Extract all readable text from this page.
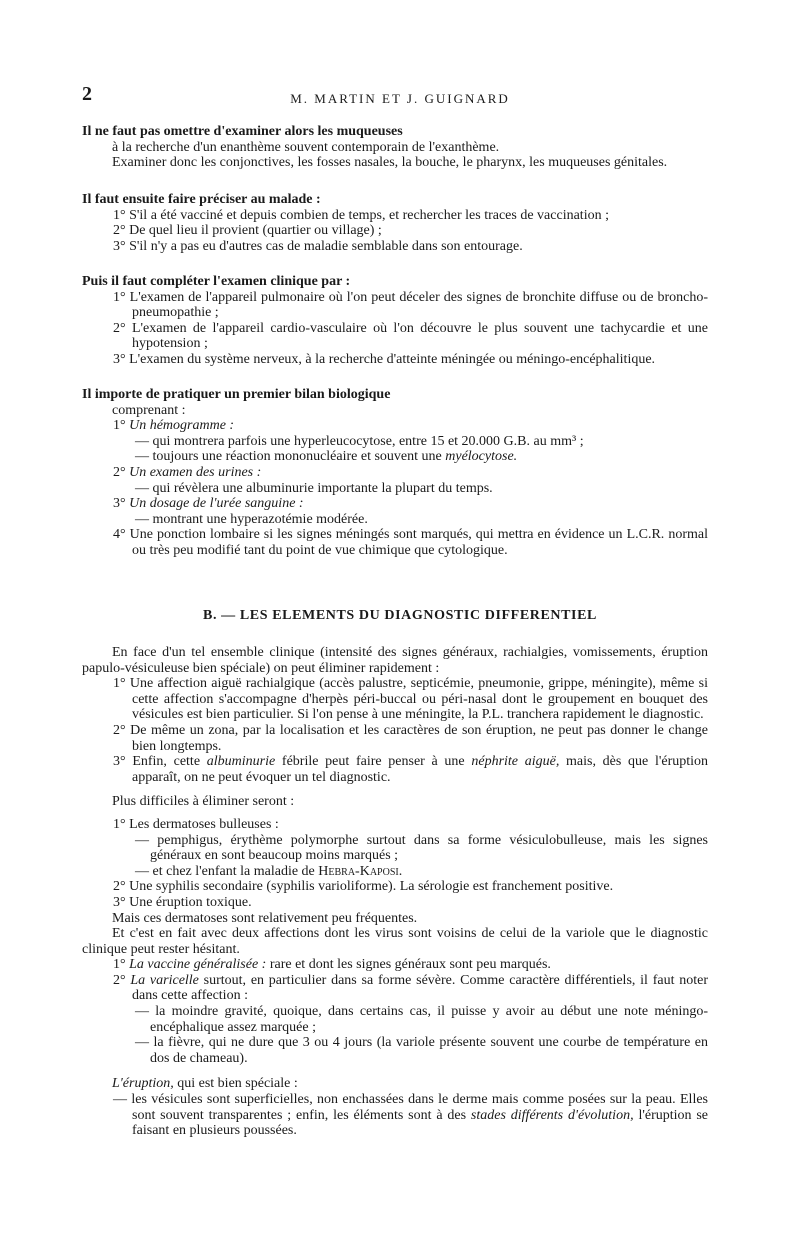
2	M. MARTIN ET J. GUIGNARD

Il ne faut pas omettre d'examiner alors les muqueuses

à la recherche d'un enanthème souvent contemporain de l'exanthème.

Examiner donc les conjonctives, les fosses nasales, la bouche, le pharynx, les muqueuses génitales.

Il faut ensuite faire préciser au malade :

1° S'il a été vacciné et depuis combien de temps, et rechercher les traces de vaccination ;

2° De quel lieu il provient (quartier ou village) ;

3° S'il n'y a pas eu d'autres cas de maladie semblable dans son entourage.

Puis il faut compléter l'examen clinique par :

1° L'examen de l'appareil pulmonaire où l'on peut déceler des signes de bronchite diffuse ou de broncho-pneumopathie ;

2° L'examen de l'appareil cardio-vasculaire où l'on découvre le plus souvent une tachycardie et une hypotension ;

3° L'examen du système nerveux, à la recherche d'atteinte méningée ou méningo-encéphalitique.

Il importe de pratiquer un premier bilan biologique

comprenant :

1° Un hémogramme :

— qui montrera parfois une hyperleucocytose, entre 15 et 20.000 G.B. au mm³ ;

— toujours une réaction mononucléaire et souvent une myélocytose.

2° Un examen des urines :

— qui révèlera une albuminurie importante la plupart du temps.

3° Un dosage de l'urée sanguine :

— montrant une hyperazotémie modérée.

4° Une ponction lombaire si les signes méningés sont marqués, qui mettra en évidence un L.C.R. normal ou très peu modifié tant du point de vue chimique que cytologique.

B. — LES ELEMENTS DU DIAGNOSTIC DIFFERENTIEL

En face d'un tel ensemble clinique (intensité des signes généraux, rachialgies, vomissements, éruption papulo-vésiculeuse bien spéciale) on peut éliminer rapidement :

1° Une affection aiguë rachialgique (accès palustre, septicémie, pneumonie, grippe, méningite), même si cette affection s'accompagne d'herpès péri-buccal ou péri-nasal dont le groupement en bouquet des vésicules est bien particulier. Si l'on pense à une méningite, la P.L. tranchera rapidement le diagnostic.

2° De même un zona, par la localisation et les caractères de son éruption, ne peut pas donner le change bien longtemps.

3° Enfin, cette albuminurie fébrile peut faire penser à une néphrite aiguë, mais, dès que l'éruption apparaît, on ne peut évoquer un tel diagnostic.

Plus difficiles à éliminer seront :

1° Les dermatoses bulleuses :

— pemphigus, érythème polymorphe surtout dans sa forme vésiculobulleuse, mais les signes généraux en sont beaucoup moins marqués ;

— et chez l'enfant la maladie de Hebra-Kaposi.

2° Une syphilis secondaire (syphilis varioliforme). La sérologie est franchement positive.

3° Une éruption toxique.

Mais ces dermatoses sont relativement peu fréquentes.

Et c'est en fait avec deux affections dont les virus sont voisins de celui de la variole que le diagnostic clinique peut rester hésitant.

1° La vaccine généralisée : rare et dont les signes généraux sont peu marqués.

2° La varicelle surtout, en particulier dans sa forme sévère. Comme caractère différentiels, il faut noter dans cette affection :

— la moindre gravité, quoique, dans certains cas, il puisse y avoir au début une note méningo-encéphalique assez marquée ;

— la fièvre, qui ne dure que 3 ou 4 jours (la variole présente souvent une courbe de température en dos de chameau).

L'éruption, qui est bien spéciale :

— les vésicules sont superficielles, non enchassées dans le derme mais comme posées sur la peau. Elles sont souvent transparentes ; enfin, les éléments sont à des stades différents d'évolution, l'éruption se faisant en plusieurs poussées.
